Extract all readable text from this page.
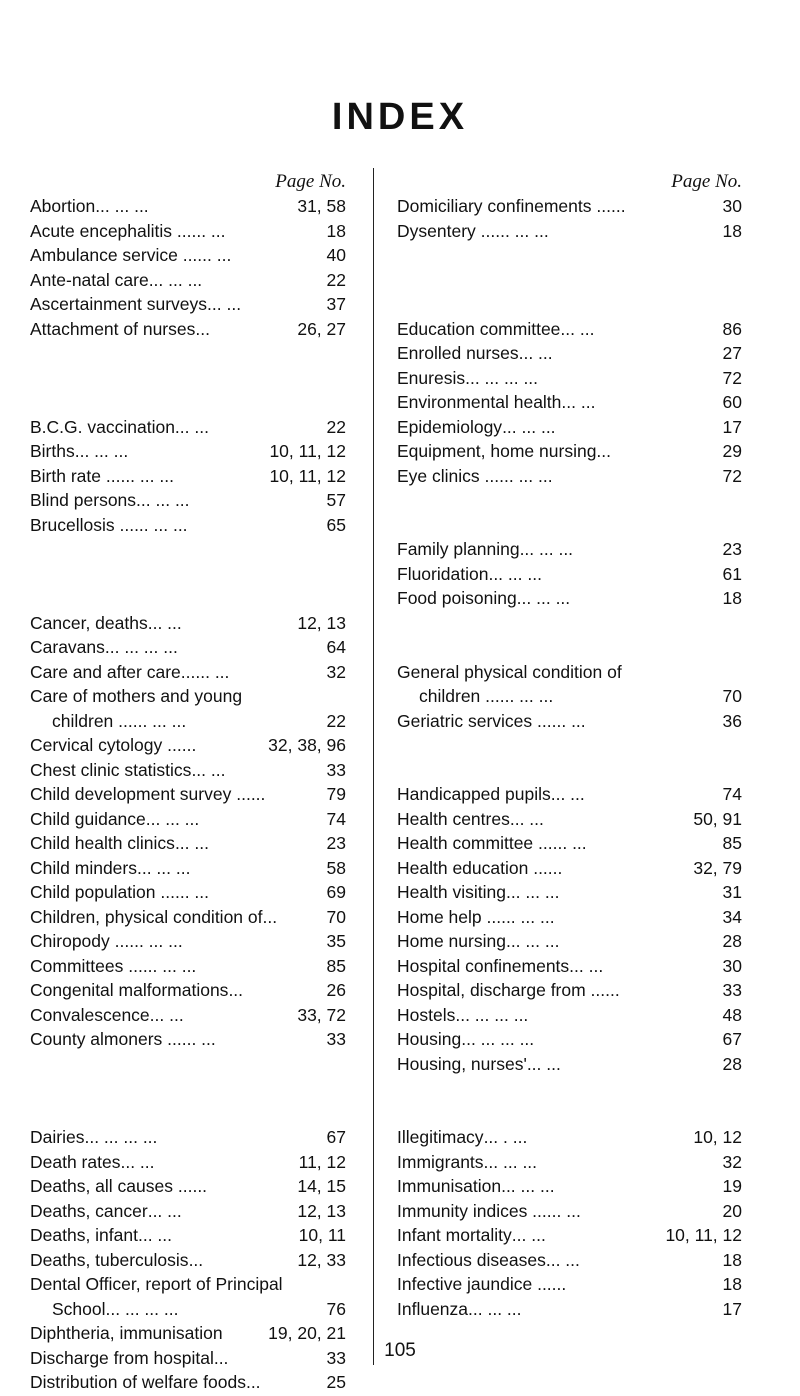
INDEX
Page No.
Abortion ... ... ...	31, 58
Acute encephalitis ... ... ...	18
Ambulance service ... ... ...	40
Ante-natal care ... ... ...	22
Ascertainment surveys ... ...	37
Attachment of nurses ...	26, 27
B.C.G. vaccination ... ...	22
Births ... ... ...	10, 11, 12
Birth rate ... ... ... ...	10, 11, 12
Blind persons ... ... ...	57
Brucellosis ... ... ... ...	65
Cancer, deaths ... ...	12, 13
Caravans ... ... ... ...	64
Care and after care... ... ...	32
Care of mothers and young
children ... ... ... ...	22
Cervical cytology ... ...	32, 38, 96
Chest clinic statistics ... ...	33
Child development survey ... ...	79
Child guidance ... ... ...	74
Child health clinics ... ...	23
Child minders ... ... ...	58
Child population ... ... ...	69
Children, physical condition of ...	70
Chiropody ... ... ... ...	35
Committees ... ... ... ...	85
Congenital malformations ...	26
Convalescence ... ...	33, 72
County almoners ... ... ...	33
Dairies ... ... ... ...	67
Death rates ... ...	11, 12
Deaths, all causes ... ...	14, 15
Deaths, cancer ... ...	12, 13
Deaths, infant ... ...	10, 11
Deaths, tuberculosis ...	12, 33
Dental Officer, report of Principal
School ... ... ... ...	76
Diphtheria, immunisation	19, 20, 21
Discharge from hospital ...	33
Distribution of welfare foods ...	25
Page No.
Domiciliary confinements ... ...	30
Dysentery ... ... ... ...	18
Education committee ... ...	86
Enrolled nurses ... ...	27
Enuresis ... ... ... ...	72
Environmental health ... ...	60
Epidemiology ... ... ...	17
Equipment, home nursing ...	29
Eye clinics ... ... ... ...	72
Family planning ... ... ...	23
Fluoridation ... ... ...	61
Food poisoning ... ... ...	18
General physical condition of
children ... ... ... ...	70
Geriatric services ... ... ...	36
Handicapped pupils ... ...	74
Health centres ... ...	50, 91
Health committee ... ... ...	85
Health education ... ...	32, 79
Health visiting ... ... ...	31
Home help ... ... ... ...	34
Home nursing ... ... ...	28
Hospital confinements ... ...	30
Hospital, discharge from ... ...	33
Hostels ... ... ... ...	48
Housing ... ... ... ...	67
Housing, nurses' ... ...	28
Illegitimacy ... . ...	10, 12
Immigrants ... ... ...	32
Immunisation ... ... ...	19
Immunity indices ... ... ...	20
Infant mortality ... ...	10, 11, 12
Infectious diseases ... ...	18
Infective jaundice ... ...	18
Influenza ... ... ...	17
105
